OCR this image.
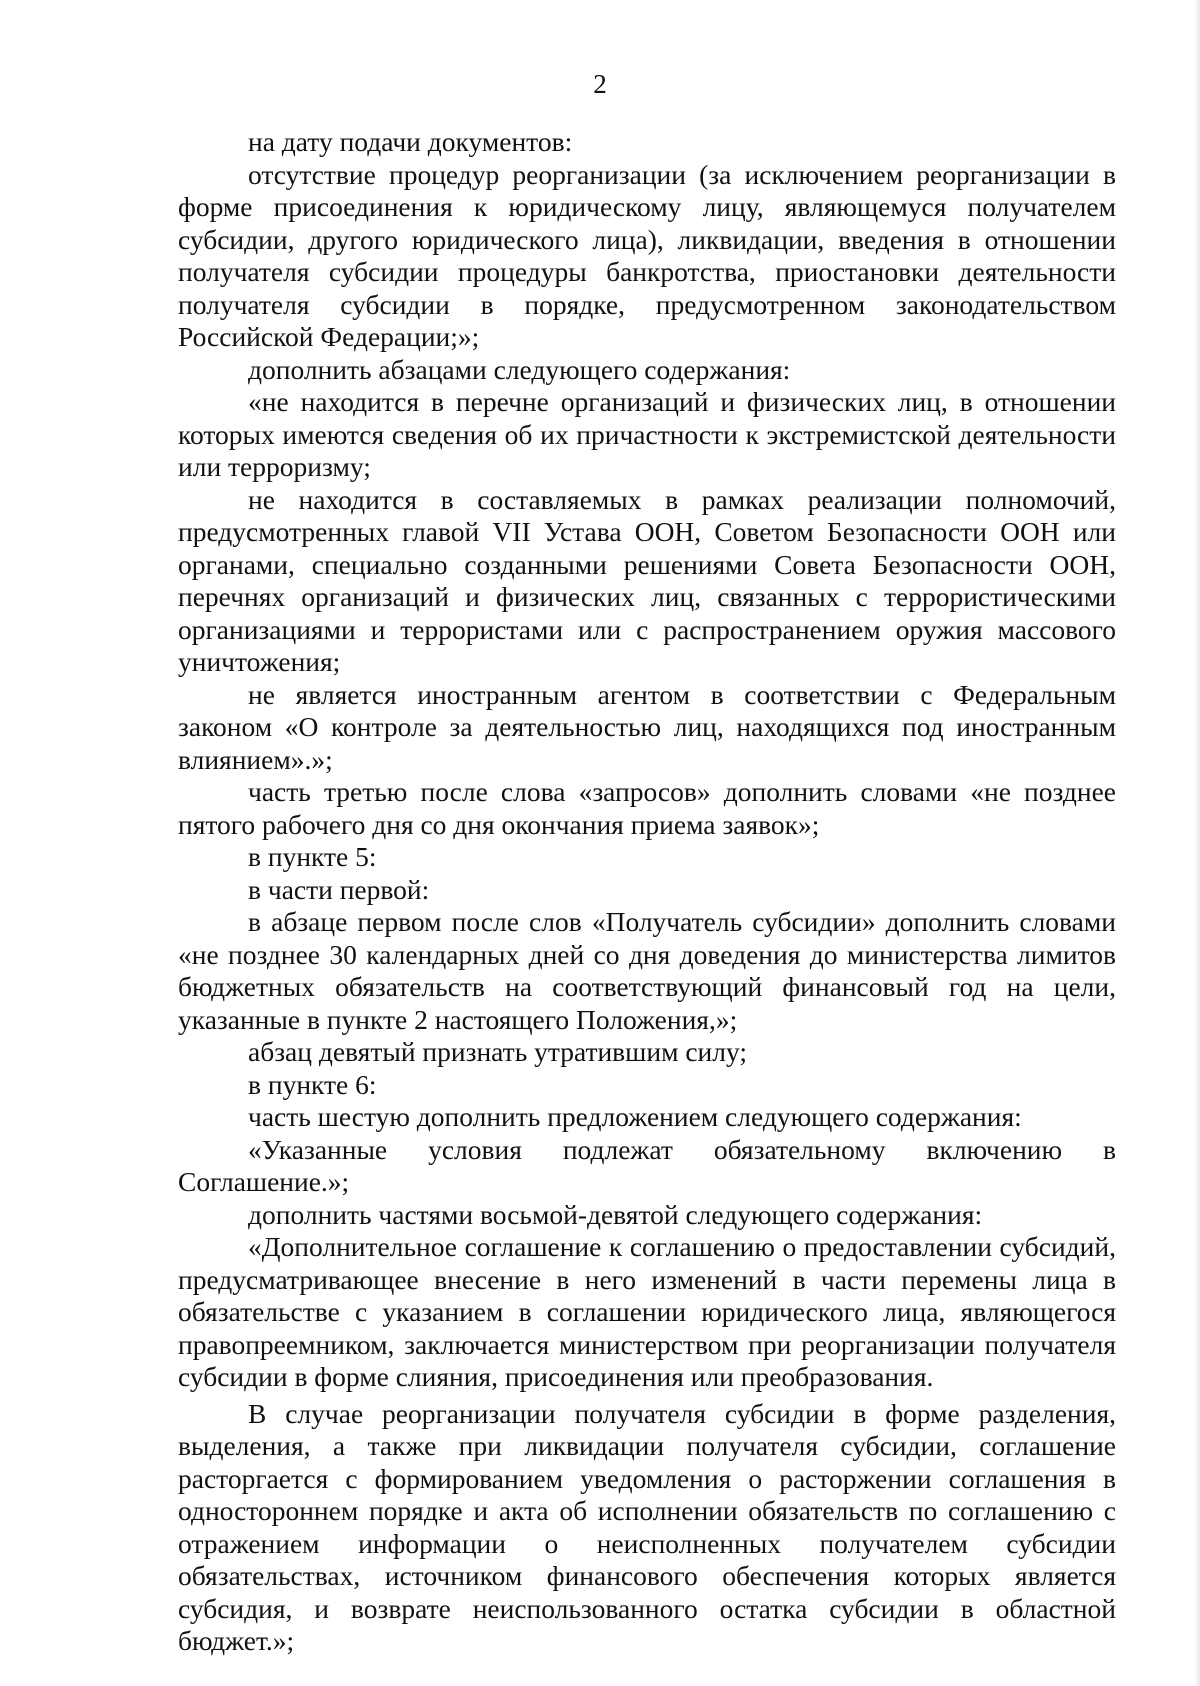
2

на дату подачи документов:

отсутствие процедур реорганизации (за исключением реорганизации в форме присоединения к юридическому лицу, являющемуся получателем субсидии, другого юридического лица), ликвидации, введения в отношении получателя субсидии процедуры банкротства, приостановки деятельности получателя субсидии в порядке, предусмотренном законодательством Российской Федерации;»;

дополнить абзацами следующего содержания:

«не находится в перечне организаций и физических лиц, в отношении которых имеются сведения об их причастности к экстремистской деятельности или терроризму;

не находится в составляемых в рамках реализации полномочий, предусмотренных главой VII Устава ООН, Советом Безопасности ООН или органами, специально созданными решениями Совета Безопасности ООН, перечнях организаций и физических лиц, связанных с террористическими организациями и террористами или с распространением оружия массового уничтожения;

не является иностранным агентом в соответствии с Федеральным законом «О контроле за деятельностью лиц, находящихся под иностранным влиянием».»;

часть третью после слова «запросов» дополнить словами «не позднее пятого рабочего дня со дня окончания приема заявок»;

в пункте 5:

в части первой:

в абзаце первом после слов «Получатель субсидии» дополнить словами «не позднее 30 календарных дней со дня доведения до министерства лимитов бюджетных обязательств на соответствующий финансовый год на цели, указанные в пункте 2 настоящего Положения,»;

абзац девятый признать утратившим силу;

в пункте 6:

часть шестую дополнить предложением следующего содержания:

«Указанные условия подлежат обязательному включению в Соглашение.»;

дополнить частями восьмой-девятой следующего содержания:

«Дополнительное соглашение к соглашению о предоставлении субсидий, предусматривающее внесение в него изменений в части перемены лица в обязательстве с указанием в соглашении юридического лица, являющегося правопреемником, заключается министерством при реорганизации получателя субсидии в форме слияния, присоединения или преобразования.

В случае реорганизации получателя субсидии в форме разделения, выделения, а также при ликвидации получателя субсидии, соглашение расторгается с формированием уведомления о расторжении соглашения в одностороннем порядке и акта об исполнении обязательств по соглашению с отражением информации о неисполненных получателем субсидии обязательствах, источником финансового обеспечения которых является субсидия, и возврате неиспользованного остатка субсидии в областной бюджет.»;
